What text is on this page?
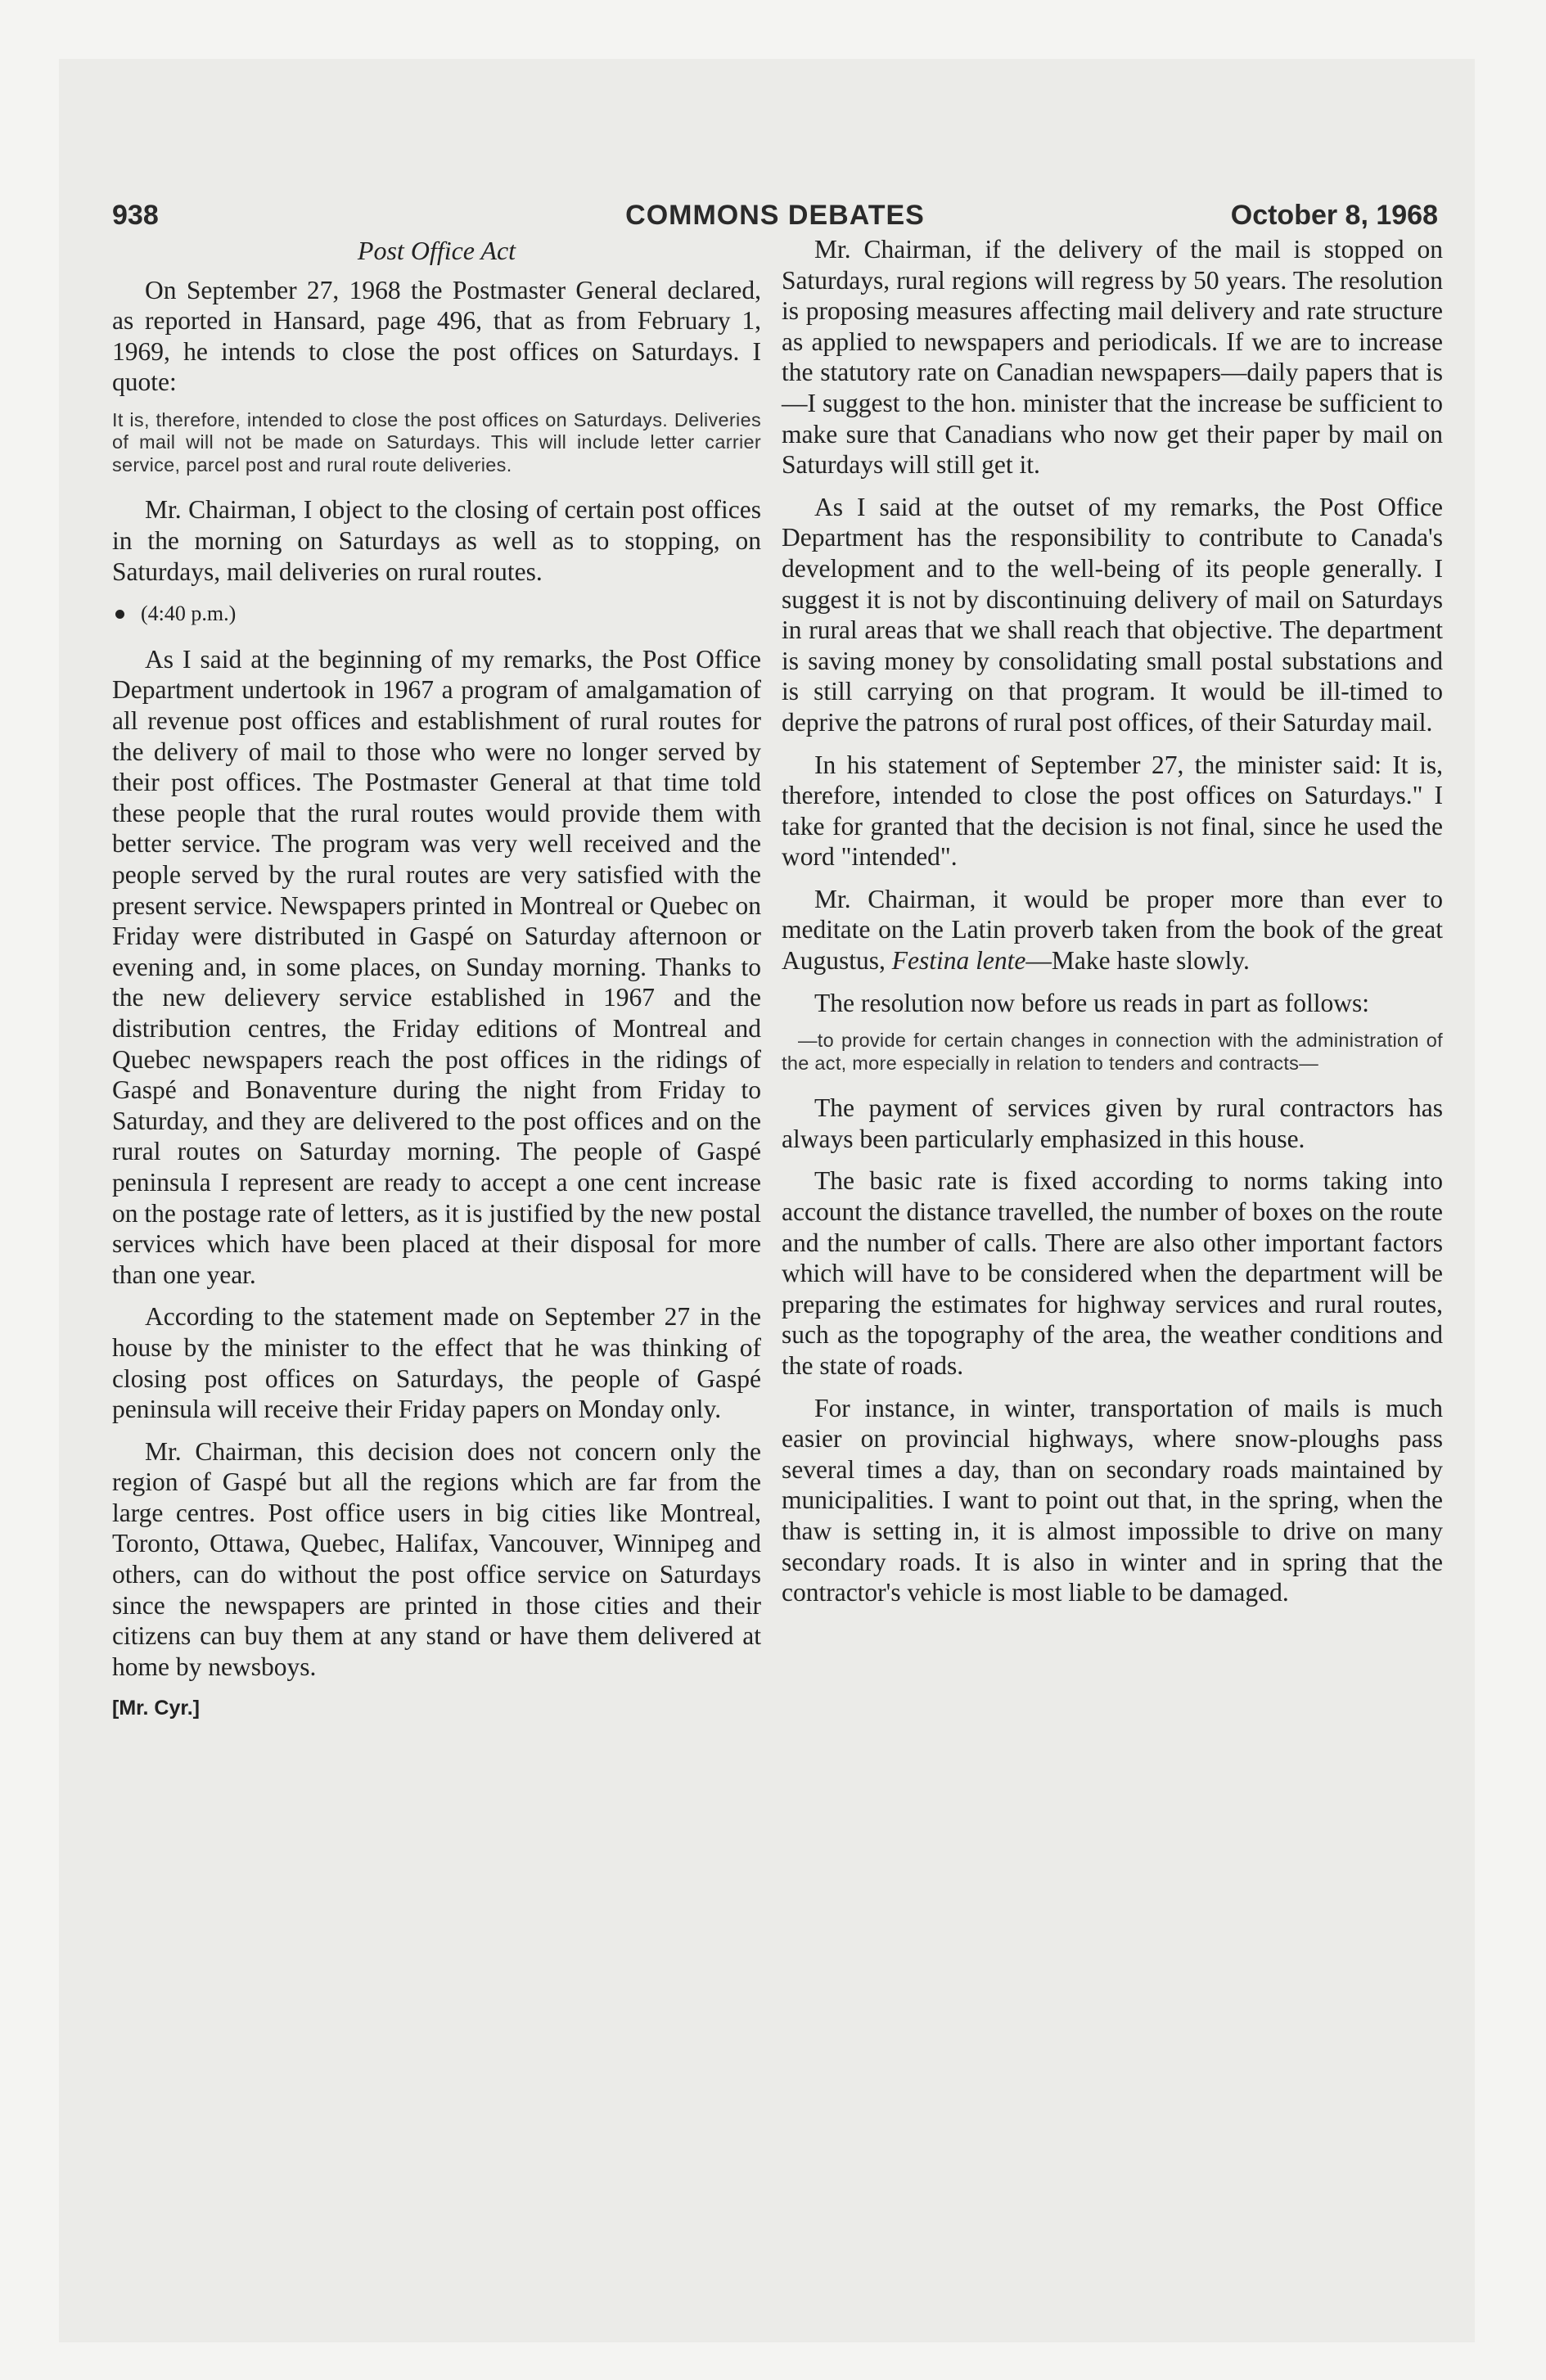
938	COMMONS DEBATES	October 8, 1968
Post Office Act

On September 27, 1968 the Postmaster General declared, as reported in Hansard, page 496, that as from February 1, 1969, he intends to close the post offices on Saturdays. I quote:

It is, therefore, intended to close the post offices on Saturdays. Deliveries of mail will not be made on Saturdays. This will include letter carrier service, parcel post and rural route deliveries.

Mr. Chairman, I object to the closing of certain post offices in the morning on Saturdays as well as to stopping, on Saturdays, mail deliveries on rural routes.

(4:40 p.m.)

As I said at the beginning of my remarks, the Post Office Department undertook in 1967 a program of amalgamation of all revenue post offices and establishment of rural routes for the delivery of mail to those who were no longer served by their post offices. The Postmaster General at that time told these people that the rural routes would provide them with better service. The program was very well received and the people served by the rural routes are very satisfied with the present service. Newspapers printed in Montreal or Quebec on Friday were distributed in Gaspé on Saturday afternoon or evening and, in some places, on Sunday morning. Thanks to the new delievery service established in 1967 and the distribution centres, the Friday editions of Montreal and Quebec newspapers reach the post offices in the ridings of Gaspé and Bonaventure during the night from Friday to Saturday, and they are delivered to the post offices and on the rural routes on Saturday morning. The people of Gaspé peninsula I represent are ready to accept a one cent increase on the postage rate of letters, as it is justified by the new postal services which have been placed at their disposal for more than one year.

According to the statement made on September 27 in the house by the minister to the effect that he was thinking of closing post offices on Saturdays, the people of Gaspé peninsula will receive their Friday papers on Monday only.

Mr. Chairman, this decision does not concern only the region of Gaspé but all the regions which are far from the large centres. Post office users in big cities like Montreal, Toronto, Ottawa, Quebec, Halifax, Vancouver, Winnipeg and others, can do without the post office service on Saturdays since the newspapers are printed in those cities and their citizens can buy them at any stand or have them delivered at home by newsboys.

[Mr. Cyr.]

Mr. Chairman, if the delivery of the mail is stopped on Saturdays, rural regions will regress by 50 years. The resolution is proposing measures affecting mail delivery and rate structure as applied to newspapers and periodicals. If we are to increase the statutory rate on Canadian newspapers—daily papers that is—I suggest to the hon. minister that the increase be sufficient to make sure that Canadians who now get their paper by mail on Saturdays will still get it.

As I said at the outset of my remarks, the Post Office Department has the responsibility to contribute to Canada's development and to the well-being of its people generally. I suggest it is not by discontinuing delivery of mail on Saturdays in rural areas that we shall reach that objective. The department is saving money by consolidating small postal substations and is still carrying on that program. It would be ill-timed to deprive the patrons of rural post offices, of their Saturday mail.

In his statement of September 27, the minister said: It is, therefore, intended to close the post offices on Saturdays." I take for granted that the decision is not final, since he used the word "intended".

Mr. Chairman, it would be proper more than ever to meditate on the Latin proverb taken from the book of the great Augustus, Festina lente—Make haste slowly.

The resolution now before us reads in part as follows:

—to provide for certain changes in connection with the administration of the act, more especially in relation to tenders and contracts—

The payment of services given by rural contractors has always been particularly emphasized in this house.

The basic rate is fixed according to norms taking into account the distance travelled, the number of boxes on the route and the number of calls. There are also other important factors which will have to be considered when the department will be preparing the estimates for highway services and rural routes, such as the topography of the area, the weather conditions and the state of roads.

For instance, in winter, transportation of mails is much easier on provincial highways, where snow-ploughs pass several times a day, than on secondary roads maintained by municipalities. I want to point out that, in the spring, when the thaw is setting in, it is almost impossible to drive on many secondary roads. It is also in winter and in spring that the contractor's vehicle is most liable to be damaged.
